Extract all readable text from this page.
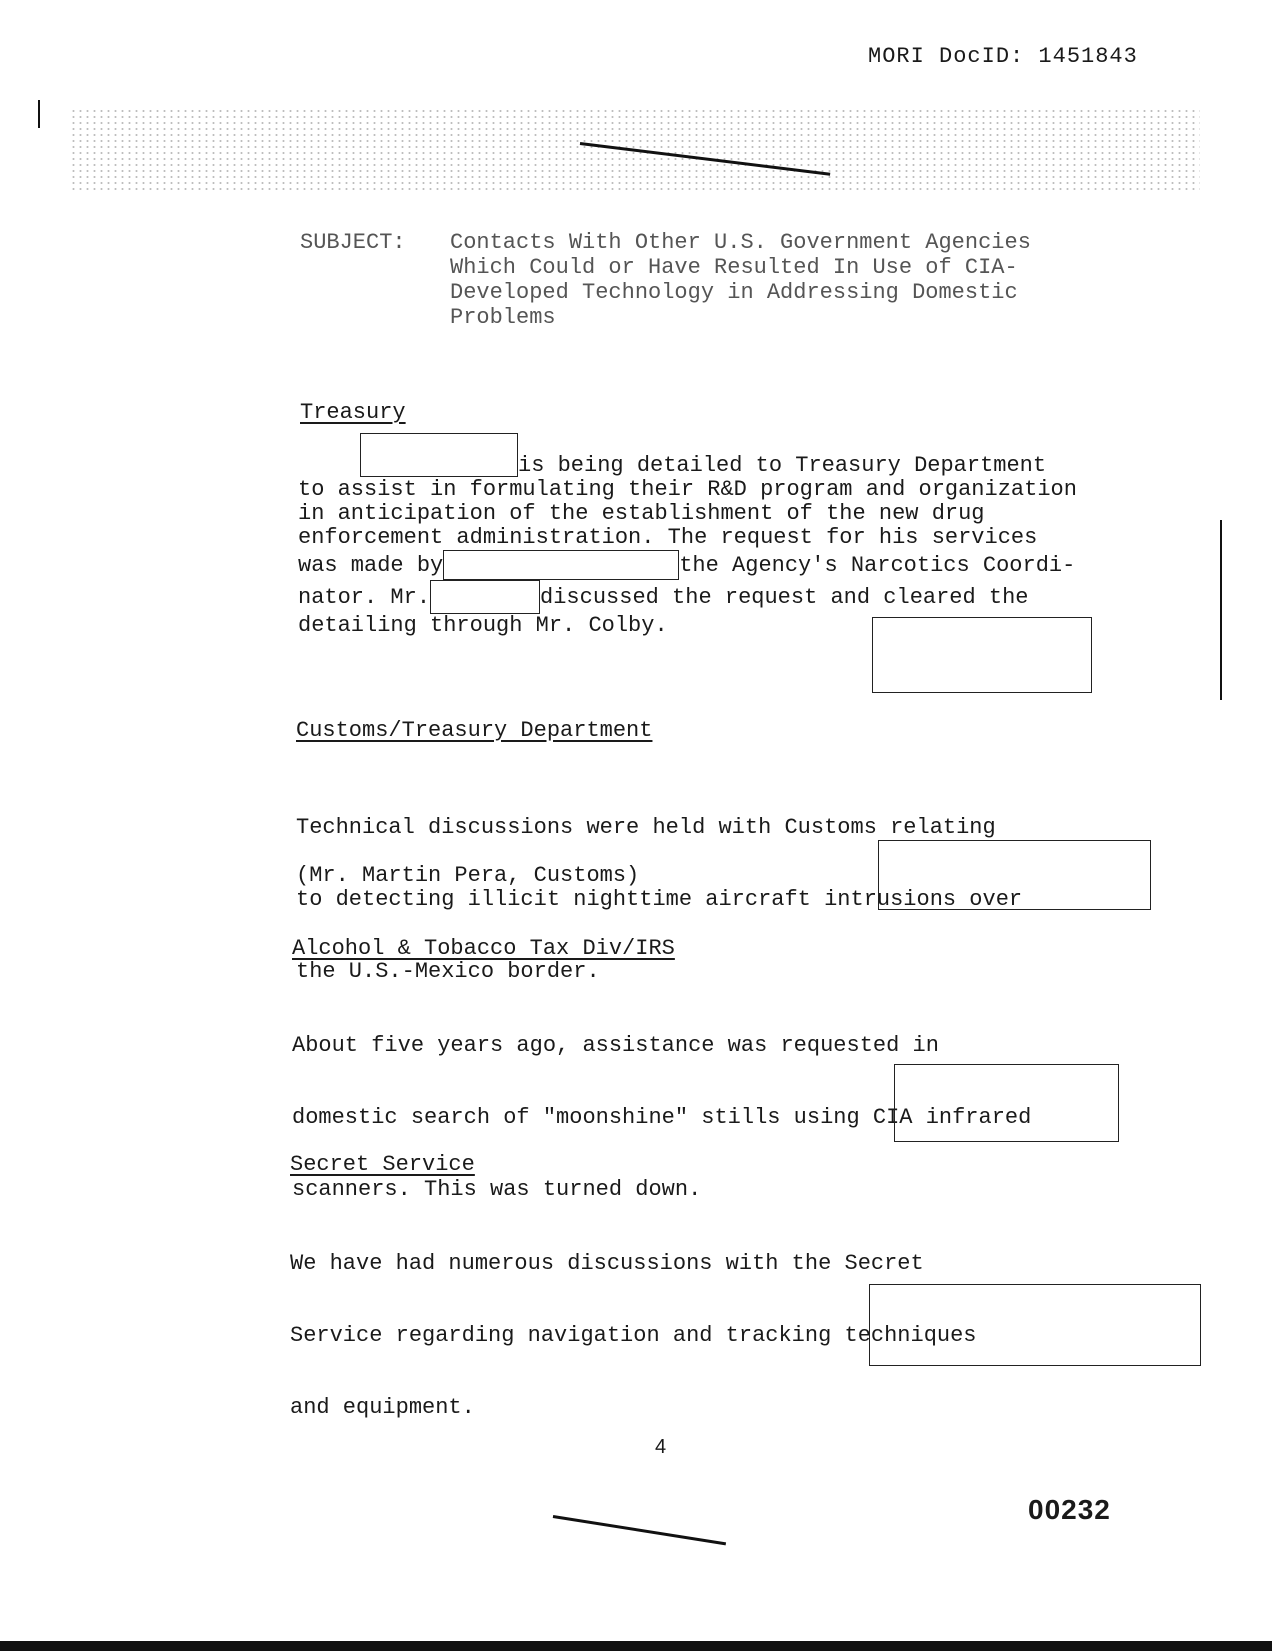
MORI DocID: 1451843
SUBJECT: Contacts With Other U.S. Government Agencies
Which Could or Have Resulted In Use of CIA-
Developed Technology in Addressing Domestic
Problems
Treasury
is being detailed to Treasury Department
to assist in formulating their R&D program and organization
in anticipation of the establishment of the new drug
enforcement administration. The request for his services
was made by	the Agency's Narcotics Coordi-
nator. Mr.	discussed the request and cleared the
detailing through Mr. Colby.
Customs/Treasury Department

Technical discussions were held with Customs relating

to detecting illicit nighttime aircraft intrusions over

the U.S.-Mexico border.

(Mr. Martin Pera, Customs)
Alcohol & Tobacco Tax Div/IRS

About five years ago, assistance was requested in

domestic search of "moonshine" stills using CIA infrared

scanners. This was turned down.

Secret Service

We have had numerous discussions with the Secret

Service regarding navigation and tracking techniques

and equipment.

4
00232
